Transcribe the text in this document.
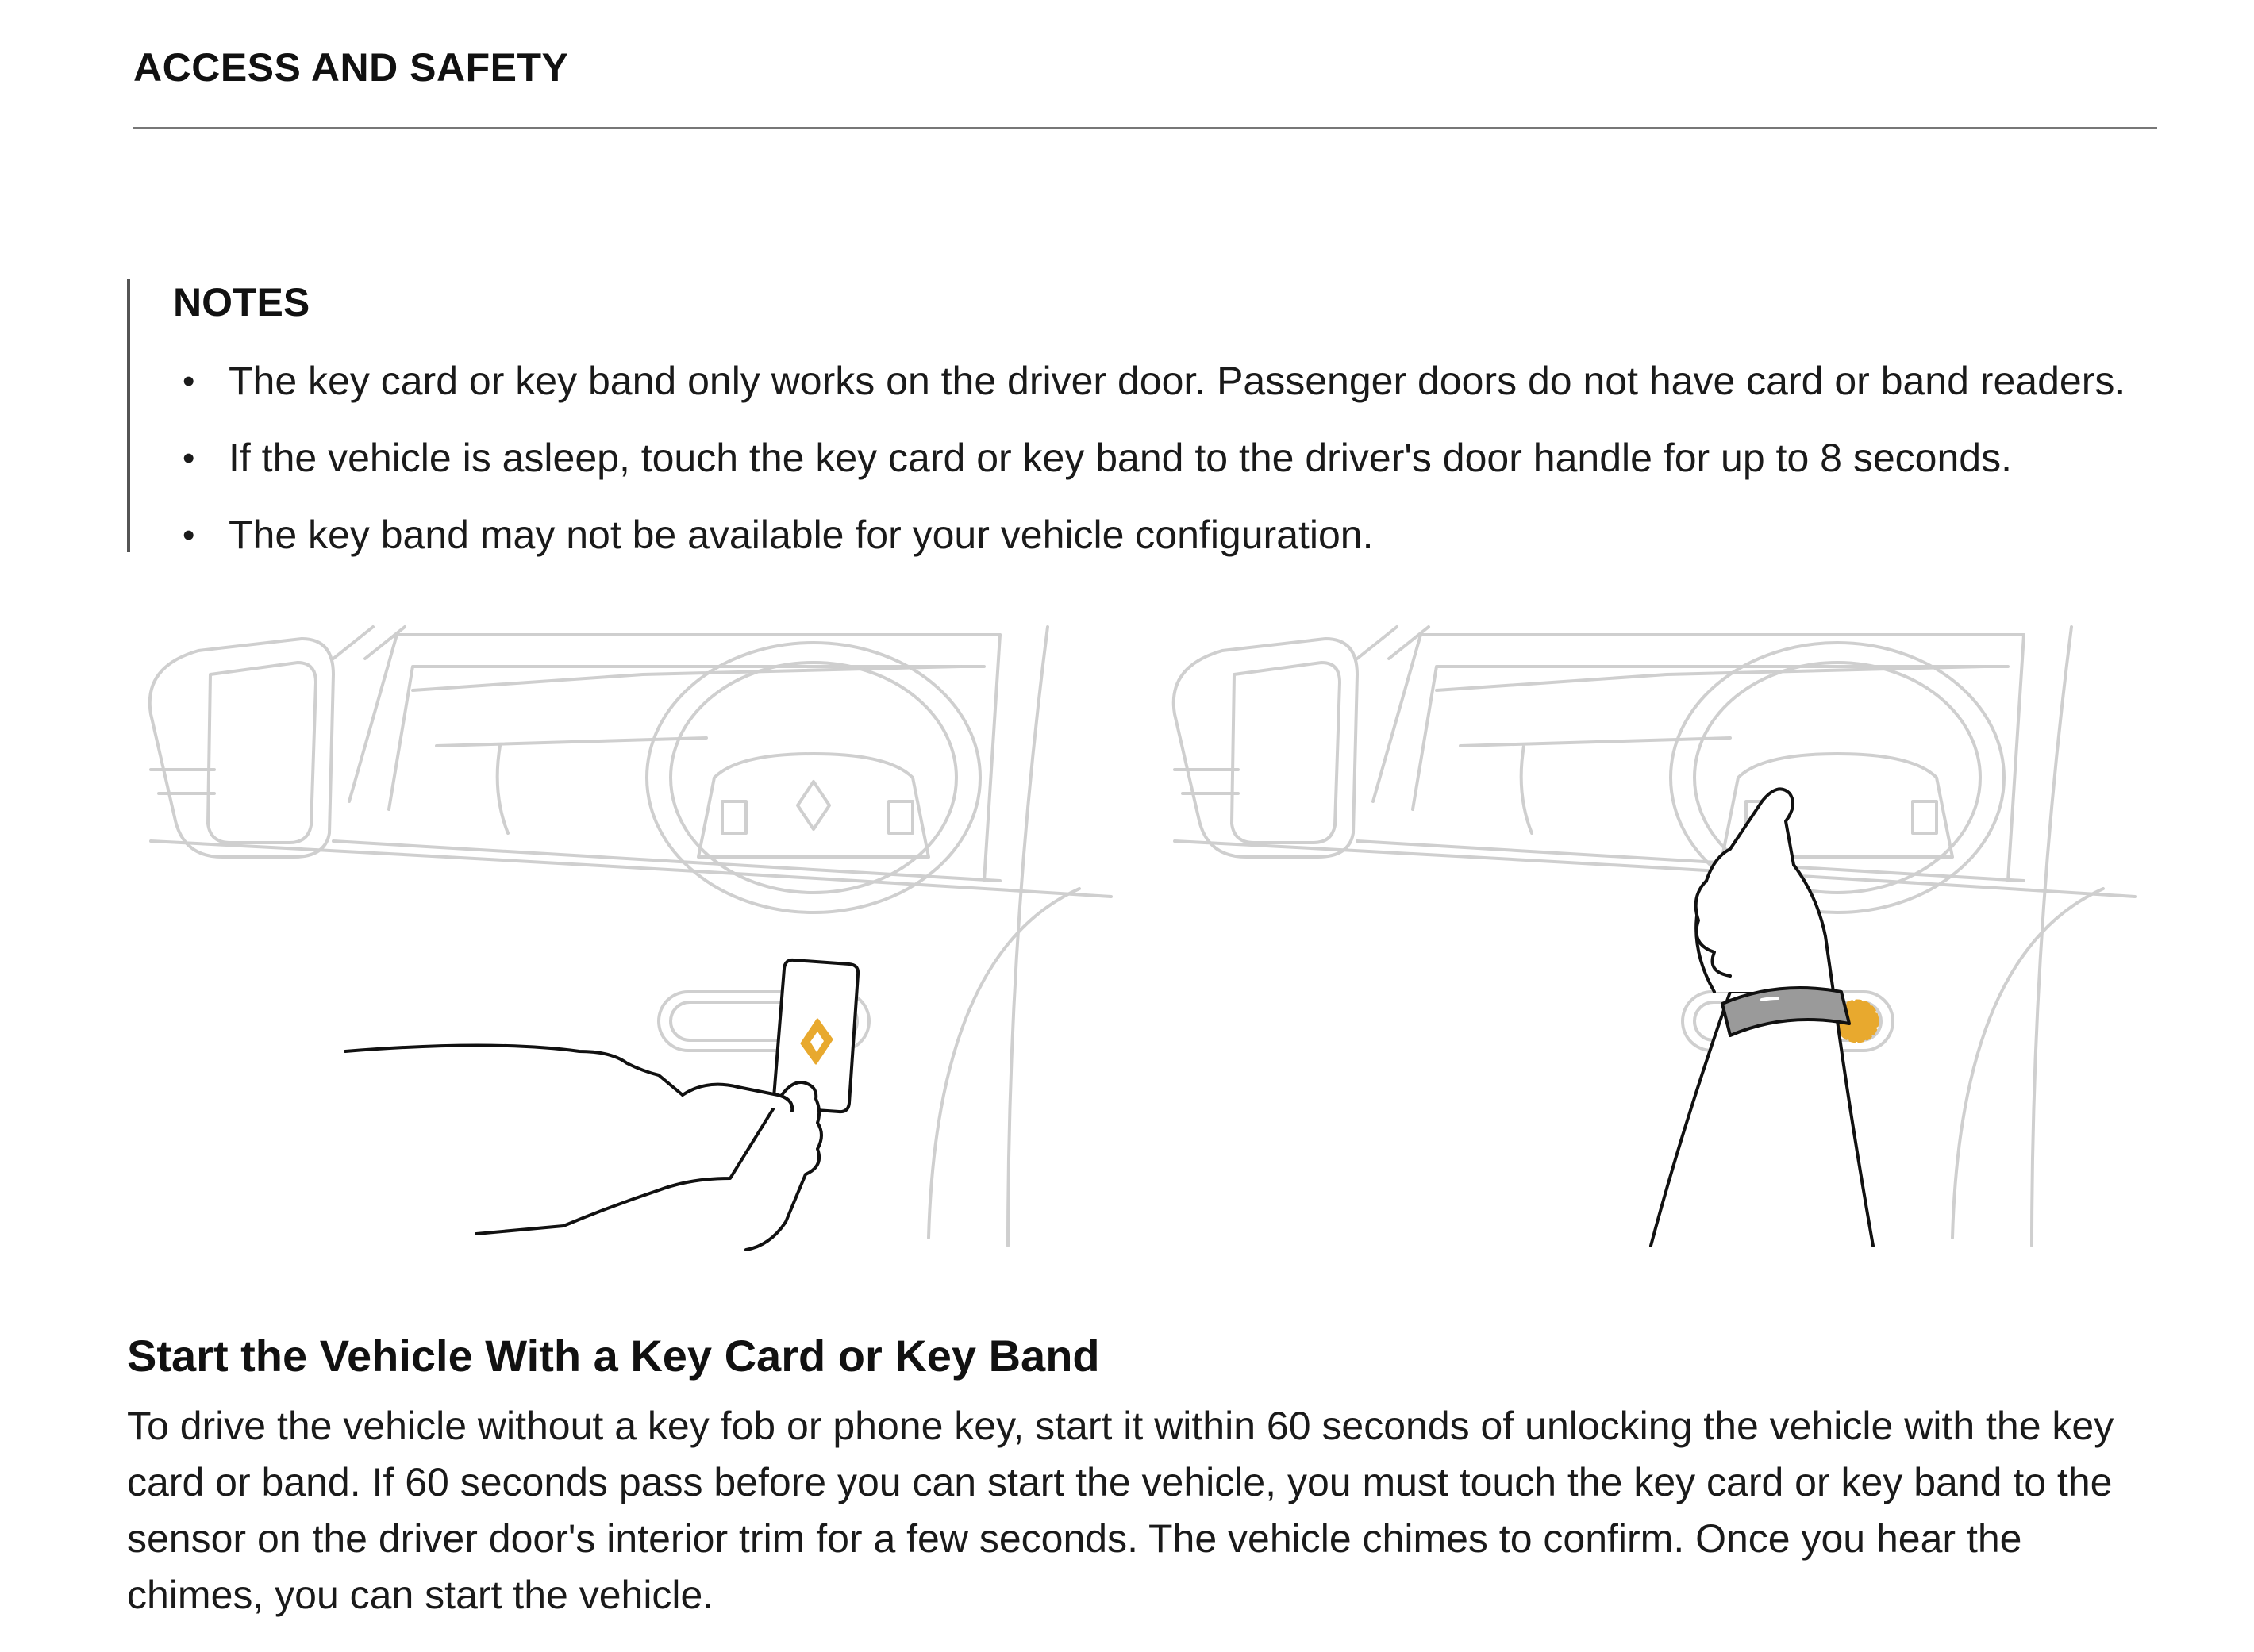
ACCESS AND SAFETY
NOTES
• The key card or key band only works on the driver door. Passenger doors do not have card or band readers.
• If the vehicle is asleep, touch the key card or key band to the driver's door handle for up to 8 seconds.
• The key band may not be available for your vehicle configuration.
Start the Vehicle With a Key Card or Key Band

To drive the vehicle without a key fob or phone key, start it within 60 seconds of unlocking the vehicle with the key card or band. If 60 seconds pass before you can start the vehicle, you must touch the key card or key band to the sensor on the driver door's interior trim for a few seconds. The vehicle chimes to confirm. Once you hear the chimes, you can start the vehicle.
